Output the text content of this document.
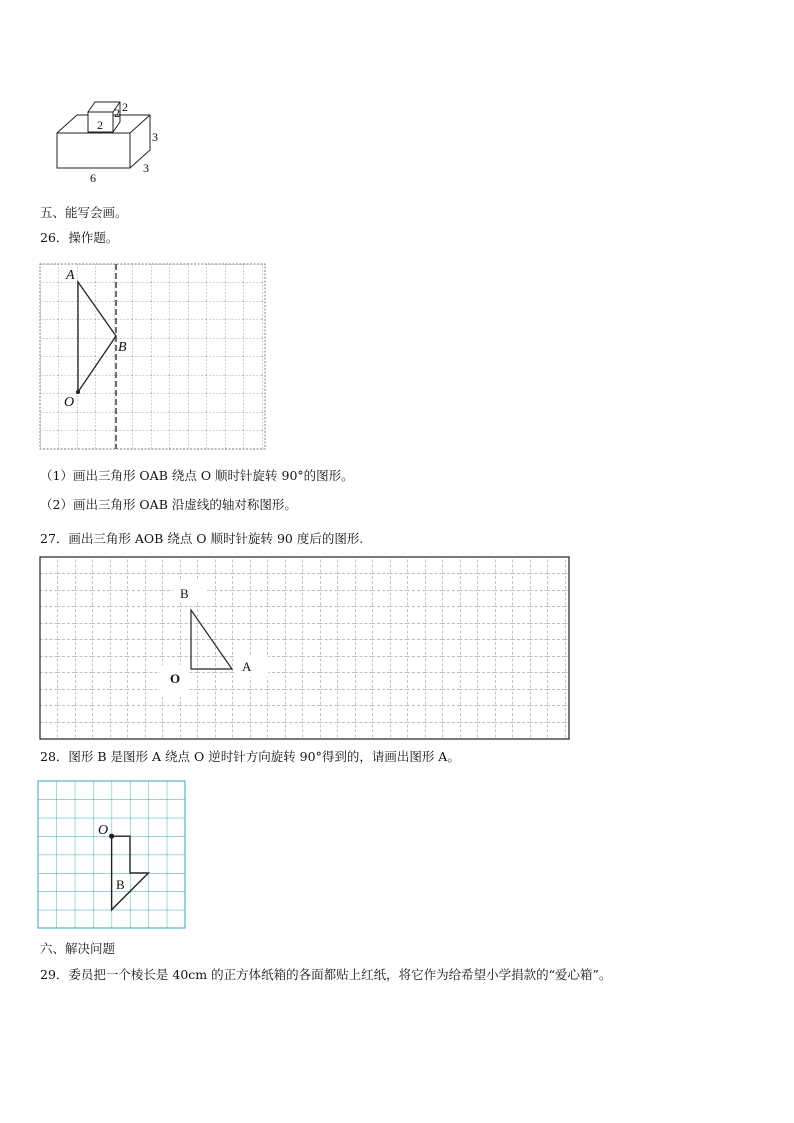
2
2 2
3
3
6
五、能写会画。
26．操作题。
A
B
O
（1）画出三角形 OAB 绕点 O 顺时针旋转 90°的图形。
（2）画出三角形 OAB 沿虚线的轴对称图形。
27．画出三角形 AOB 绕点 O 顺时针旋转 90 度后的图形.
B
A
O
28．图形 B 是图形 A 绕点 O 逆时针方向旋转 90°得到的，请画出图形 A。
O
B
六、解决问题
29．委员把一个棱长是 40cm 的正方体纸箱的各面都贴上红纸，将它作为给希望小学捐款的“爱心箱”。
